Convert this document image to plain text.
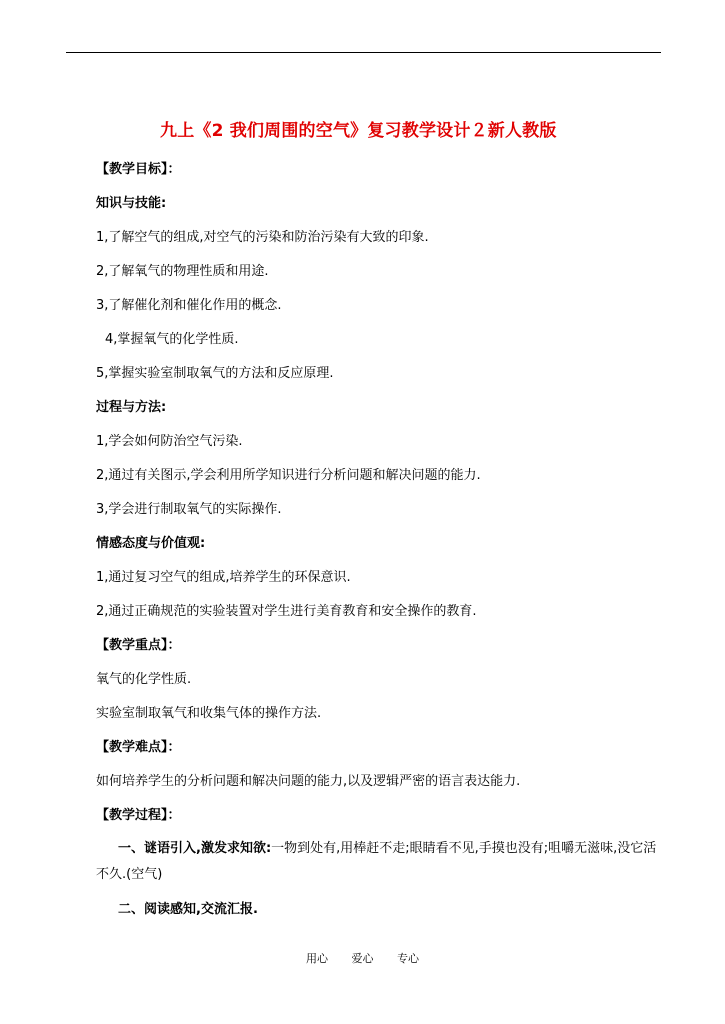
九上《2 我们周围的空气》复习教学设计２新人教版
【教学目标】：
知识与技能:
1,了解空气的组成,对空气的污染和防治污染有大致的印象.
2,了解氧气的物理性质和用途.
3,了解催化剂和催化作用的概念.
4,掌握氧气的化学性质.
5,掌握实验室制取氧气的方法和反应原理.
过程与方法:
1,学会如何防治空气污染.
2,通过有关图示,学会利用所学知识进行分析问题和解决问题的能力.
3,学会进行制取氧气的实际操作.
情感态度与价值观:
1,通过复习空气的组成,培养学生的环保意识.
2,通过正确规范的实验装置对学生进行美育教育和安全操作的教育.
【教学重点】：
氧气的化学性质.
实验室制取氧气和收集气体的操作方法.
【教学难点】：
如何培养学生的分析问题和解决问题的能力,以及逻辑严密的语言表达能力.
【教学过程】：
一、谜语引入,激发求知欲:一物到处有,用棒赶不走;眼睛看不见,手摸也没有;咀嚼无滋味,没它活不久.(空气)
二、阅读感知,交流汇报.
用心 爱心 专心
